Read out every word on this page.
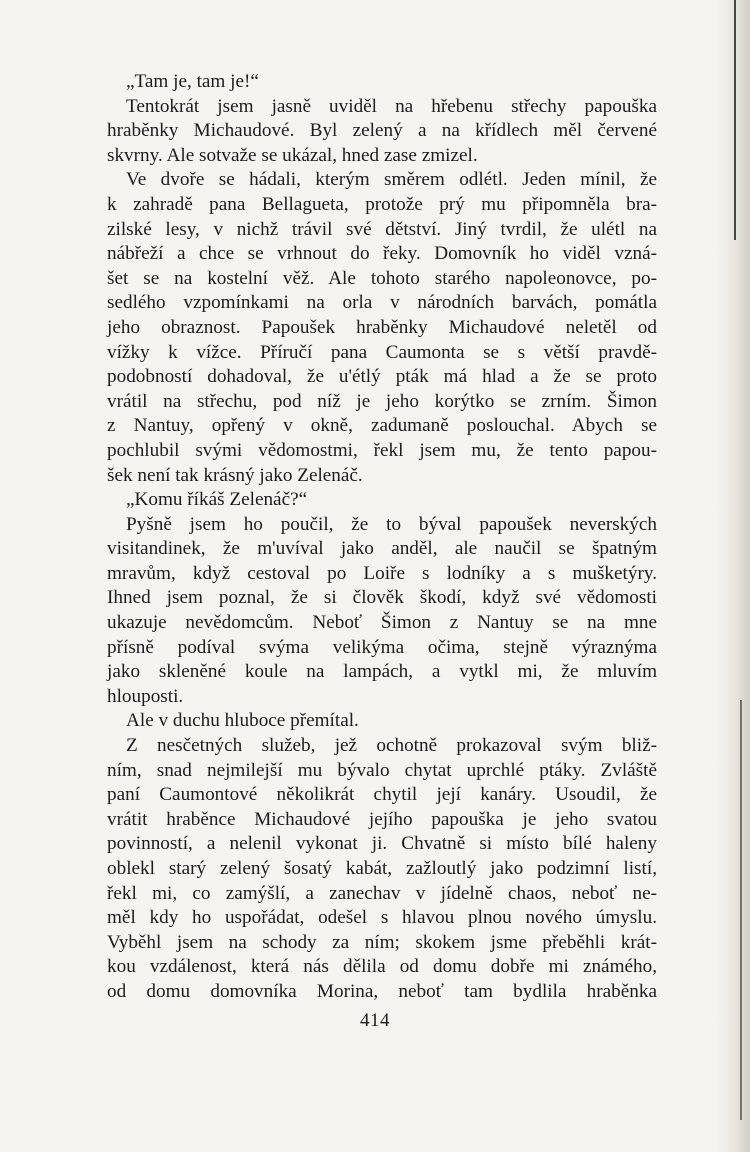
„Tam je, tam je!“
Tentokrát jsem jasně uviděl na hřebenu střechy papouška
hraběnky Michaudové. Byl zelený a na křídlech měl červené
skvrny. Ale sotvaže se ukázal, hned zase zmizel.
Ve dvoře se hádali, kterým směrem odlétl. Jeden mínil, že
k zahradě pana Bellagueta, protože prý mu připomněla bra-
zilské lesy, v nichž trávil své dětství. Jiný tvrdil, že ulétl na
nábřeží a chce se vrhnout do řeky. Domovník ho viděl vzná-
šet se na kostelní věž. Ale tohoto starého napoleonovce, po-
sedlého vzpomínkami na orla v národních barvách, pomátla
jeho obraznost. Papoušek hraběnky Michaudové neletěl od
vížky k vížce. Příručí pana Caumonta se s větší pravdě-
podobností dohadoval, že u'étlý pták má hlad a že se proto
vrátil na střechu, pod níž je jeho korýtko se zrním. Šimon
z Nantuy, opřený v okně, zadumaně poslouchal. Abych se
pochlubil svými vědomostmi, řekl jsem mu, že tento papou-
šek není tak krásný jako Zelenáč.
„Komu říkáš Zelenáč?“
Pyšně jsem ho poučil, že to býval papoušek neverských
visitandinek, že m'uvíval jako anděl, ale naučil se špatným
mravům, když cestoval po Loiře s lodníky a s mušketýry.
Ihned jsem poznal, že si člověk škodí, když své vědomosti
ukazuje nevědomcům. Neboť Šimon z Nantuy se na mne
přísně podíval svýma velikýma očima, stejně výraznýma
jako skleněné koule na lampách, a vytkl mi, že mluvím
hlouposti.
Ale v duchu hluboce přemítal.
Z nesčetných služeb, jež ochotně prokazoval svým bliž-
ním, snad nejmilejší mu bývalo chytat uprchlé ptáky. Zvláště
paní Caumontové několikrát chytil její kanáry. Usoudil, že
vrátit hraběnce Michaudové jejího papouška je jeho svatou
povinností, a nelenil vykonat ji. Chvatně si místo bílé haleny
oblekl starý zelený šosatý kabát, zažloutlý jako podzimní listí,
řekl mi, co zamýšlí, a zanechav v jídelně chaos, neboť ne-
měl kdy ho uspořádat, odešel s hlavou plnou nového úmyslu.
Vyběhl jsem na schody za ním; skokem jsme přeběhli krát-
kou vzdálenost, která nás dělila od domu dobře mi známého,
od domu domovníka Morina, neboť tam bydlila hraběnka
414
